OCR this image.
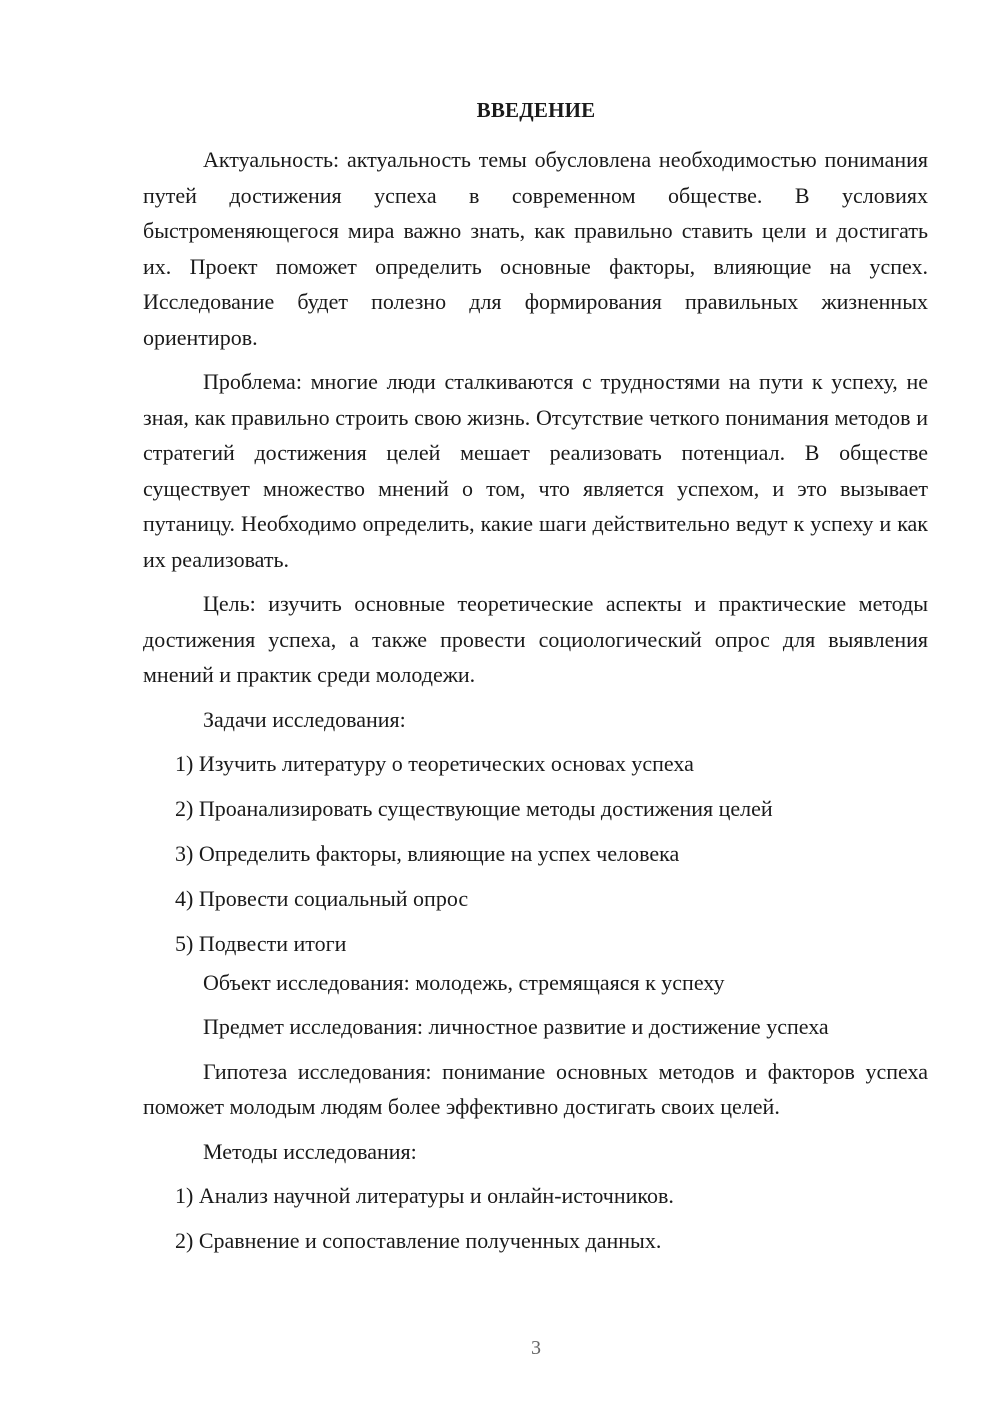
ВВЕДЕНИЕ

Актуальность: актуальность темы обусловлена необходимостью понимания путей достижения успеха в современном обществе. В условиях быстроменяющегося мира важно знать, как правильно ставить цели и достигать их. Проект поможет определить основные факторы, влияющие на успех. Исследование будет полезно для формирования правильных жизненных ориентиров.

Проблема: многие люди сталкиваются с трудностями на пути к успеху, не зная, как правильно строить свою жизнь. Отсутствие четкого понимания методов и стратегий достижения целей мешает реализовать потенциал. В обществе существует множество мнений о том, что является успехом, и это вызывает путаницу. Необходимо определить, какие шаги действительно ведут к успеху и как их реализовать.

Цель: изучить основные теоретические аспекты и практические методы достижения успеха, а также провести социологический опрос для выявления мнений и практик среди молодежи.

Задачи исследования:

1) Изучить литературу о теоретических основах успеха
2) Проанализировать существующие методы достижения целей
3) Определить факторы, влияющие на успех человека
4) Провести социальный опрос
5) Подвести итоги

Объект исследования: молодежь, стремящаяся к успеху

Предмет исследования: личностное развитие и достижение успеха

Гипотеза исследования: понимание основных методов и факторов успеха поможет молодым людям более эффективно достигать своих целей.

Методы исследования:

1) Анализ научной литературы и онлайн-источников.
2) Сравнение и сопоставление полученных данных.
3
